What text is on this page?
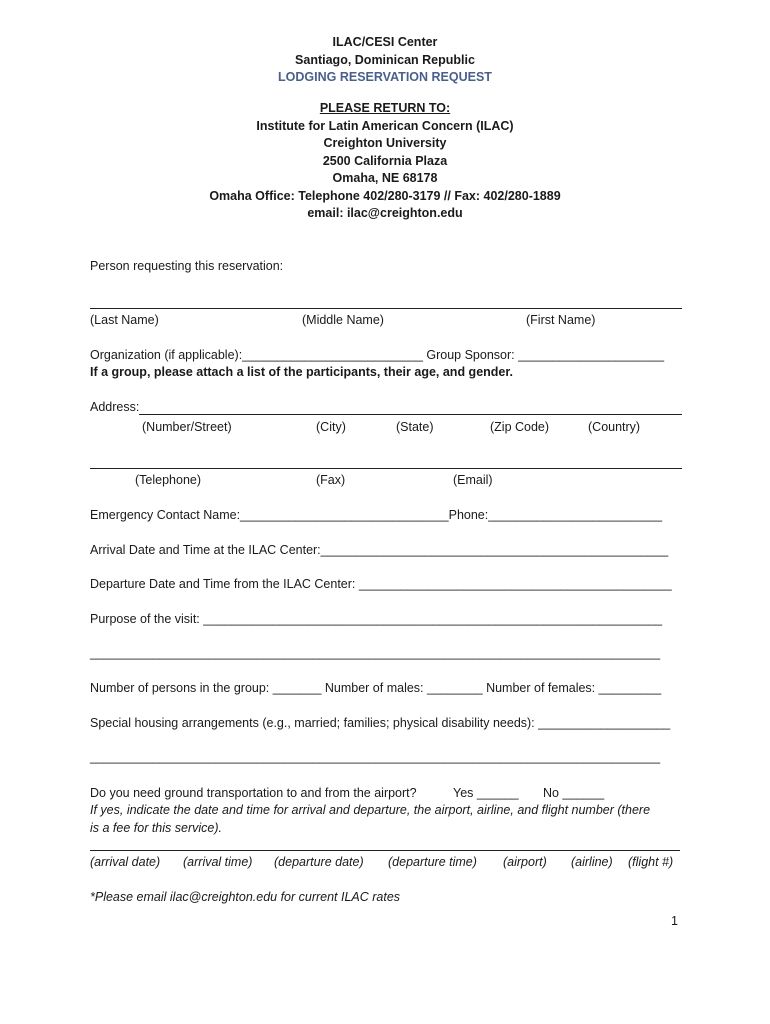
ILAC/CESI Center
Santiago, Dominican Republic
LODGING RESERVATION REQUEST
PLEASE RETURN TO:
Institute for Latin American Concern (ILAC)
Creighton University
2500 California Plaza
Omaha, NE 68178
Omaha Office: Telephone 402/280-3179 // Fax: 402/280-1889
email: ilac@creighton.edu
Person requesting this reservation:
(Last Name)	(Middle Name)	(First Name)
Organization (if applicable):__________________________ Group Sponsor: _____________________
If a group, please attach a list of the participants, their age, and gender.
Address:
(Number/Street)	(City)	(State)	(Zip Code)	(Country)
(Telephone)	(Fax)	(Email)
Emergency Contact Name:______________________________Phone:_________________________
Arrival Date and Time at the ILAC Center:__________________________________________________
Departure Date and Time from the ILAC Center: _____________________________________________
Purpose of the visit: __________________________________________________________________
__________________________________________________________________________________
Number of persons in the group: _______ Number of males: ________ Number of females: _________
Special housing arrangements (e.g., married; families; physical disability needs): ___________________
__________________________________________________________________________________
Do you need ground transportation to and from the airport?	Yes ______ No ______
If yes, indicate the date and time for arrival and departure, the airport, airline, and flight number (there
is a fee for this service).
(arrival date) (arrival time) (departure date) (departure time) (airport) (airline) (flight #)
*Please email ilac@creighton.edu for current ILAC rates
1
